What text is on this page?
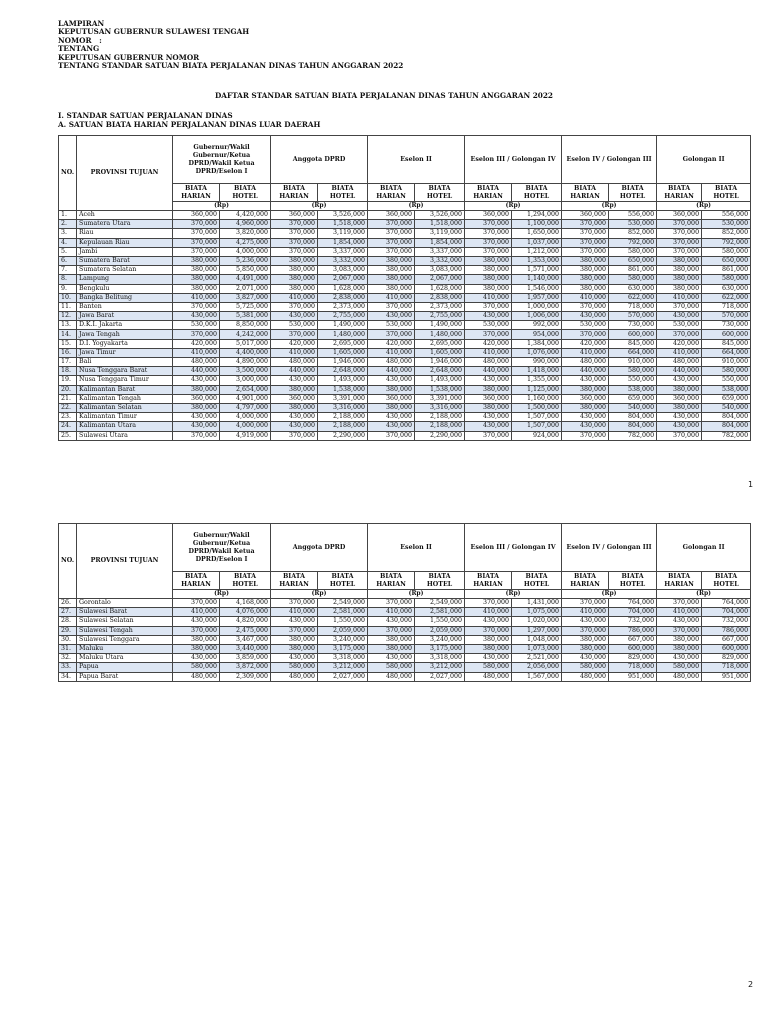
LAMPIRAN
KEPUTUSAN GUBERNUR SULAWESI TENGAH
NOMOR   :
TENTANG
KEPUTUSAN GUBERNUR NOMOR
TENTANG STANDAR SATUAN BIATA PERJALANAN DINAS TAHUN ANGGARAN 2022
DAFTAR STANDAR SATUAN BIATA PERJALANAN DINAS TAHUN ANGGARAN 2022
I. STANDAR SATUAN PERJALANAN DINAS
A. SATUAN BIATA HARIAN PERJALANAN DINAS LUAR DAERAH
NO.	PROVINSI TUJUAN	Gubernur/Wakil Gubernur/Ketua DPRD/Wakil Ketua DPRD/Eselon I		Anggota DPRD		Eselon II		Eselon III / Golongan IV		Eselon IV / Golongan III		Golongan II	
		BIATA HARIAN	BIATA HOTEL	BIATA HARIAN	BIATA HOTEL	BIATA HARIAN	BIATA HOTEL	BIATA HARIAN	BIATA HOTEL	BIATA HARIAN	BIATA HOTEL	BIATA HARIAN	BIATA HOTEL
		(Rp)		(Rp)		(Rp)		(Rp)		(Rp)		(Rp)	
1.	Aceh	360,000	4,420,000	360,000	3,526,000	360,000	3,526,000	360,000	1,294,000	360,000	556,000	360,000	556,000
2.	Sumatera Utara	370,000	4,960,000	370,000	1,518,000	370,000	1,518,000	370,000	1,100,000	370,000	530,000	370,000	530,000
3.	Riau	370,000	3,820,000	370,000	3,119,000	370,000	3,119,000	370,000	1,650,000	370,000	852,000	370,000	852,000
4.	Kepulauan Riau	370,000	4,275,000	370,000	1,854,000	370,000	1,854,000	370,000	1,037,000	370,000	792,000	370,000	792,000
5.	Jambi	370,000	4,000,000	370,000	3,337,000	370,000	3,337,000	370,000	1,212,000	370,000	580,000	370,000	580,000
6.	Sumatera Barat	380,000	5,236,000	380,000	3,332,000	380,000	3,332,000	380,000	1,353,000	380,000	650,000	380,000	650,000
7.	Sumatera Selatan	380,000	5,850,000	380,000	3,083,000	380,000	3,083,000	380,000	1,571,000	380,000	861,000	380,000	861,000
8.	Lampung	380,000	4,491,000	380,000	2,067,000	380,000	2,067,000	380,000	1,140,000	380,000	580,000	380,000	580,000
9.	Bengkulu	380,000	2,071,000	380,000	1,628,000	380,000	1,628,000	380,000	1,546,000	380,000	630,000	380,000	630,000
10.	Bangka Belitung	410,000	3,827,000	410,000	2,838,000	410,000	2,838,000	410,000	1,957,000	410,000	622,000	410,000	622,000
11.	Banten	370,000	5,725,000	370,000	2,373,000	370,000	2,373,000	370,000	1,000,000	370,000	718,000	370,000	718,000
12.	Jawa Barat	430,000	5,381,000	430,000	2,755,000	430,000	2,755,000	430,000	1,006,000	430,000	570,000	430,000	570,000
13.	D.K.I. Jakarta	530,000	8,850,000	530,000	1,490,000	530,000	1,490,000	530,000	992,000	530,000	730,000	530,000	730,000
14.	Jawa Tengah	370,000	4,242,000	370,000	1,480,000	370,000	1,480,000	370,000	954,000	370,000	600,000	370,000	600,000
15.	D.I. Yogyakarta	420,000	5,017,000	420,000	2,695,000	420,000	2,695,000	420,000	1,384,000	420,000	845,000	420,000	845,000
16.	Jawa Timur	410,000	4,400,000	410,000	1,605,000	410,000	1,605,000	410,000	1,076,000	410,000	664,000	410,000	664,000
17.	Bali	480,000	4,890,000	480,000	1,946,000	480,000	1,946,000	480,000	990,000	480,000	910,000	480,000	910,000
18.	Nusa Tenggara Barat	440,000	3,500,000	440,000	2,648,000	440,000	2,648,000	440,000	1,418,000	440,000	580,000	440,000	580,000
19.	Nusa Tenggara Timur	430,000	3,000,000	430,000	1,493,000	430,000	1,493,000	430,000	1,355,000	430,000	550,000	430,000	550,000
20.	Kalimantan Barat	380,000	2,654,000	380,000	1,538,000	380,000	1,538,000	380,000	1,125,000	380,000	538,000	380,000	538,000
21.	Kalimantan Tengah	360,000	4,901,000	360,000	3,391,000	360,000	3,391,000	360,000	1,160,000	360,000	659,000	360,000	659,000
22.	Kalimantan Selatan	380,000	4,797,000	380,000	3,316,000	380,000	3,316,000	380,000	1,500,000	380,000	540,000	380,000	540,000
23.	Kalimantan Timur	430,000	4,000,000	430,000	2,188,000	430,000	2,188,000	430,000	1,507,000	430,000	804,000	430,000	804,000
24.	Kalimantan Utara	430,000	4,000,000	430,000	2,188,000	430,000	2,188,000	430,000	1,507,000	430,000	804,000	430,000	804,000
25.	Sulawesi Utara	370,000	4,919,000	370,000	2,290,000	370,000	2,290,000	370,000	924,000	370,000	782,000	370,000	782,000
1
NO.	PROVINSI TUJUAN	Gubernur/Wakil Gubernur/Ketua DPRD/Wakil Ketua DPRD/Eselon I		Anggota DPRD		Eselon II		Eselon III / Golongan IV		Eselon IV / Golongan III		Golongan II	
		BIATA HARIAN	BIATA HOTEL	BIATA HARIAN	BIATA HOTEL	BIATA HARIAN	BIATA HOTEL	BIATA HARIAN	BIATA HOTEL	BIATA HARIAN	BIATA HOTEL	BIATA HARIAN	BIATA HOTEL
		(Rp)		(Rp)		(Rp)		(Rp)		(Rp)		(Rp)	
26.	Gorontalo	370,000	4,168,000	370,000	2,549,000	370,000	2,549,000	370,000	1,431,000	370,000	764,000	370,000	764,000
27.	Sulawesi Barat	410,000	4,076,000	410,000	2,581,000	410,000	2,581,000	410,000	1,075,000	410,000	704,000	410,000	704,000
28.	Sulawesi Selatan	430,000	4,820,000	430,000	1,550,000	430,000	1,550,000	430,000	1,020,000	430,000	732,000	430,000	732,000
29.	Sulawesi Tengah	370,000	2,475,000	370,000	2,059,000	370,000	2,059,000	370,000	1,297,000	370,000	786,000	370,000	786,000
30.	Sulawesi Tenggara	380,000	3,467,000	380,000	3,240,000	380,000	3,240,000	380,000	1,048,000	380,000	667,000	380,000	667,000
31.	Maluku	380,000	3,440,000	380,000	3,175,000	380,000	3,175,000	380,000	1,073,000	380,000	600,000	380,000	600,000
32.	Maluku Utara	430,000	3,859,000	430,000	3,318,000	430,000	3,318,000	430,000	2,521,000	430,000	829,000	430,000	829,000
33.	Papua	580,000	3,872,000	580,000	3,212,000	580,000	3,212,000	580,000	2,056,000	580,000	718,000	580,000	718,000
34.	Papua Barat	480,000	2,309,000	480,000	2,027,000	480,000	2,027,000	480,000	1,567,000	480,000	951,000	480,000	951,000
2
